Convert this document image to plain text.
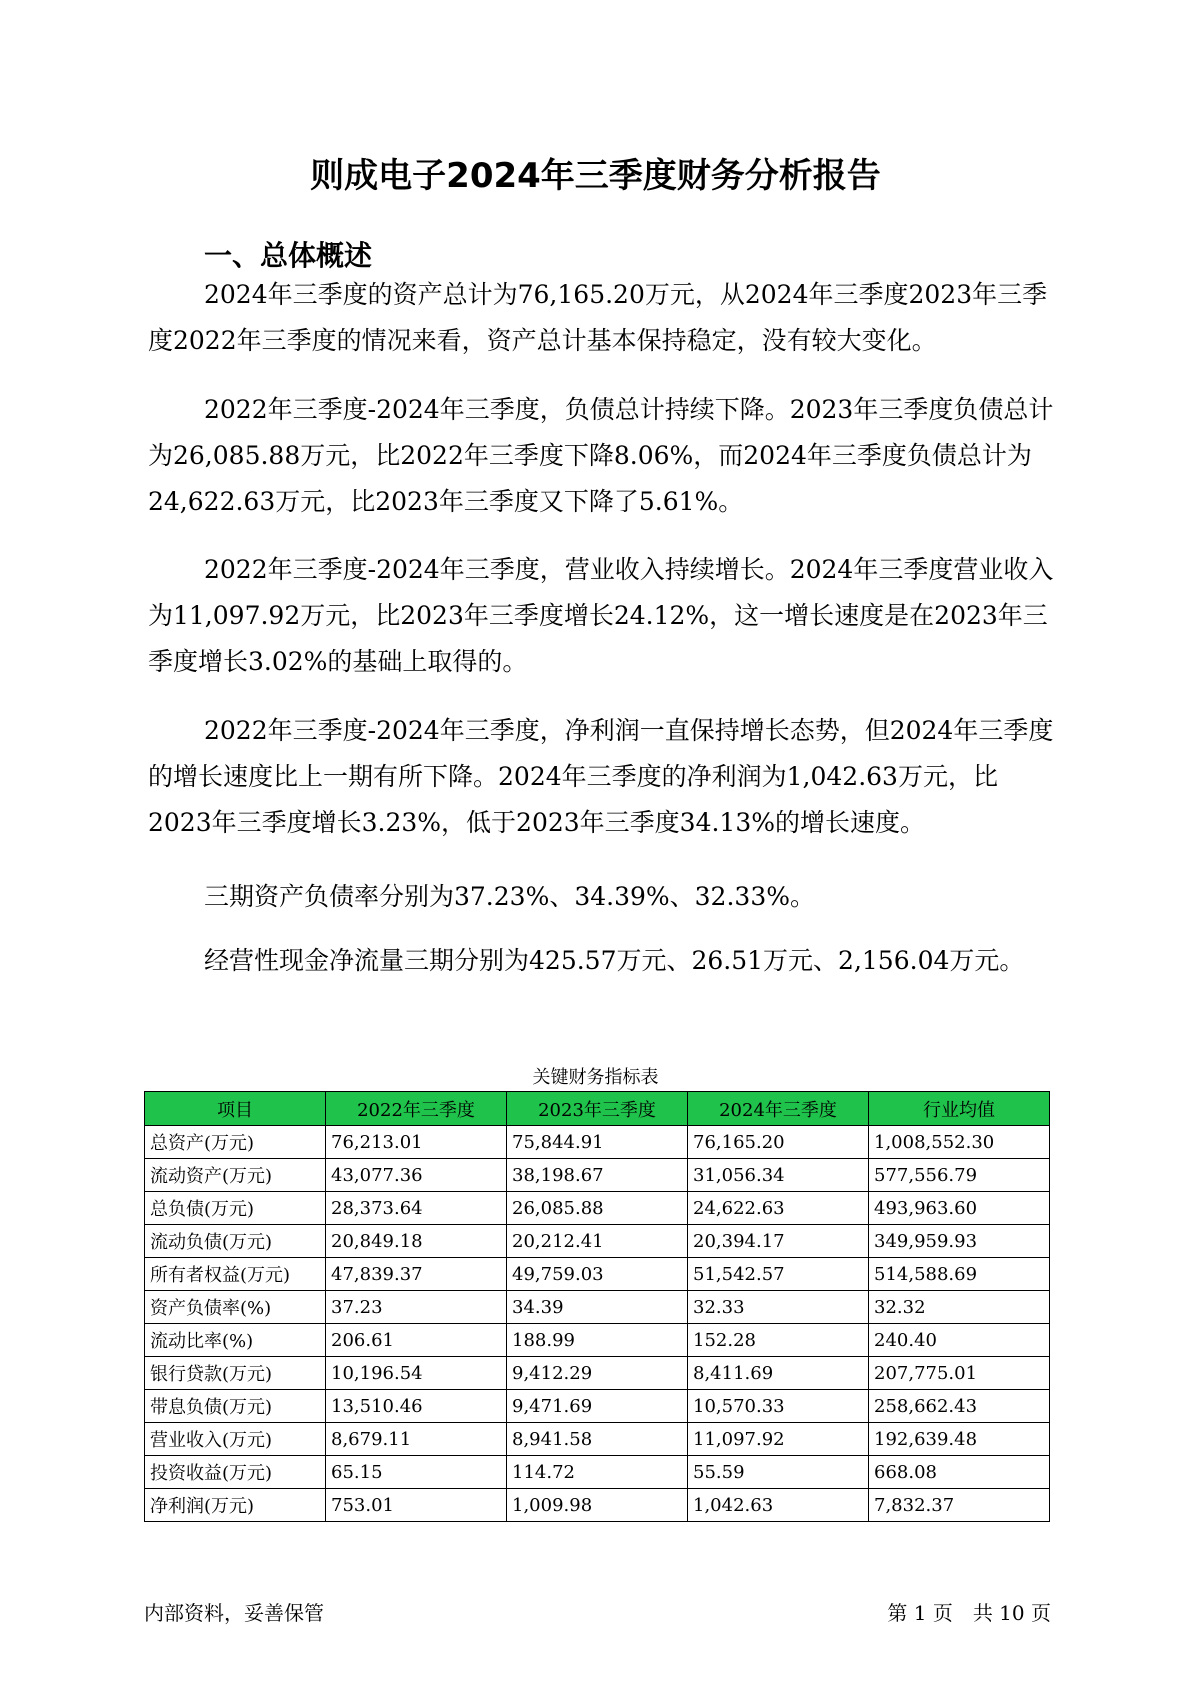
则成电子2024年三季度财务分析报告
一、总体概述

2024年三季度的资产总计为76,165.20万元，从2024年三季度2023年三季度2022年三季度的情况来看，资产总计基本保持稳定，没有较大变化。

2022年三季度-2024年三季度，负债总计持续下降。2023年三季度负债总计为26,085.88万元，比2022年三季度下降8.06%，而2024年三季度负债总计为24,622.63万元，比2023年三季度又下降了5.61%。

2022年三季度-2024年三季度，营业收入持续增长。2024年三季度营业收入为11,097.92万元，比2023年三季度增长24.12%，这一增长速度是在2023年三季度增长3.02%的基础上取得的。

2022年三季度-2024年三季度，净利润一直保持增长态势，但2024年三季度的增长速度比上一期有所下降。2024年三季度的净利润为1,042.63万元，比2023年三季度增长3.23%，低于2023年三季度34.13%的增长速度。

三期资产负债率分别为37.23%、34.39%、32.33%。

经营性现金净流量三期分别为425.57万元、26.51万元、2,156.04万元。

关键财务指标表
项目	2022年三季度	2023年三季度	2024年三季度	行业均值
总资产(万元)	76,213.01	75,844.91	76,165.20	1,008,552.30
流动资产(万元)	43,077.36	38,198.67	31,056.34	577,556.79
总负债(万元)	28,373.64	26,085.88	24,622.63	493,963.60
流动负债(万元)	20,849.18	20,212.41	20,394.17	349,959.93
所有者权益(万元)	47,839.37	49,759.03	51,542.57	514,588.69
资产负债率(%)	37.23	34.39	32.33	32.32
流动比率(%)	206.61	188.99	152.28	240.40
银行贷款(万元)	10,196.54	9,412.29	8,411.69	207,775.01
带息负债(万元)	13,510.46	9,471.69	10,570.33	258,662.43
营业收入(万元)	8,679.11	8,941.58	11,097.92	192,639.48
投资收益(万元)	65.15	114.72	55.59	668.08
净利润(万元)	753.01	1,009.98	1,042.63	7,832.37
内部资料，妥善保管	第 1 页　共 10 页
